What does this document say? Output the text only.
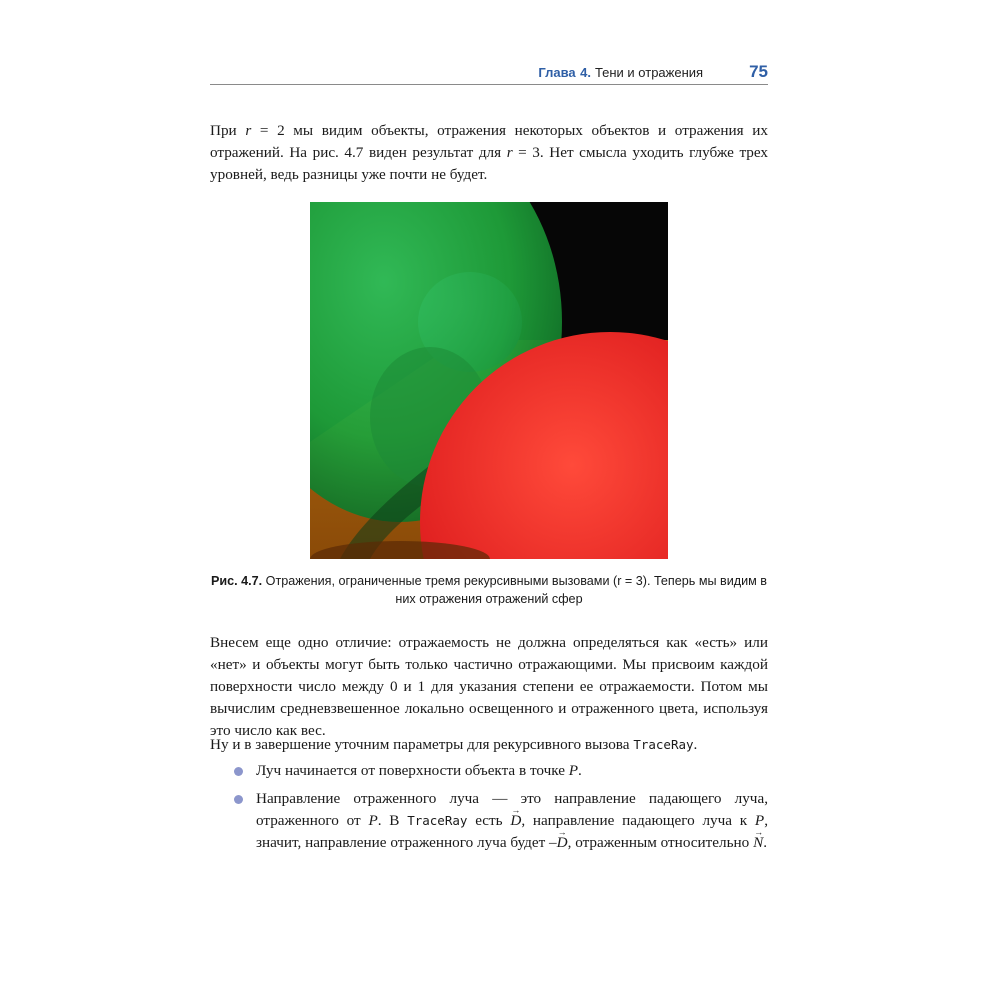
Глава
4. Тени и отражения	75

При r = 2 мы видим объекты, отражения некоторых объектов и отражения их отражений. На рис. 4.7 виден результат для r = 3. Нет смысла уходить глубже трех уровней, ведь разницы уже почти не будет.

Рис. 4.7. Отражения, ограниченные тремя рекурсивными вызовами (r = 3). Теперь мы видим в них отражения отражений сфер

Внесем еще одно отличие: отражаемость не должна определяться как «есть» или «нет» и объекты могут быть только частично отражающими. Мы присвоим каждой поверхности число между 0 и 1 для указания степени ее отражаемости. Потом мы вычислим средневзвешенное локально освещенного и отраженного цвета, используя это число как вес.

Ну и в завершение уточним параметры для рекурсивного вызова TraceRay.

Луч начинается от поверхности объекта в точке P.
Направление отраженного луча — это направление падающего луча, отраженного от P. В TraceRay есть → D, направление падающего луча к P, значит, направление отраженного луча будет –→ D, отраженным относительно → N.
